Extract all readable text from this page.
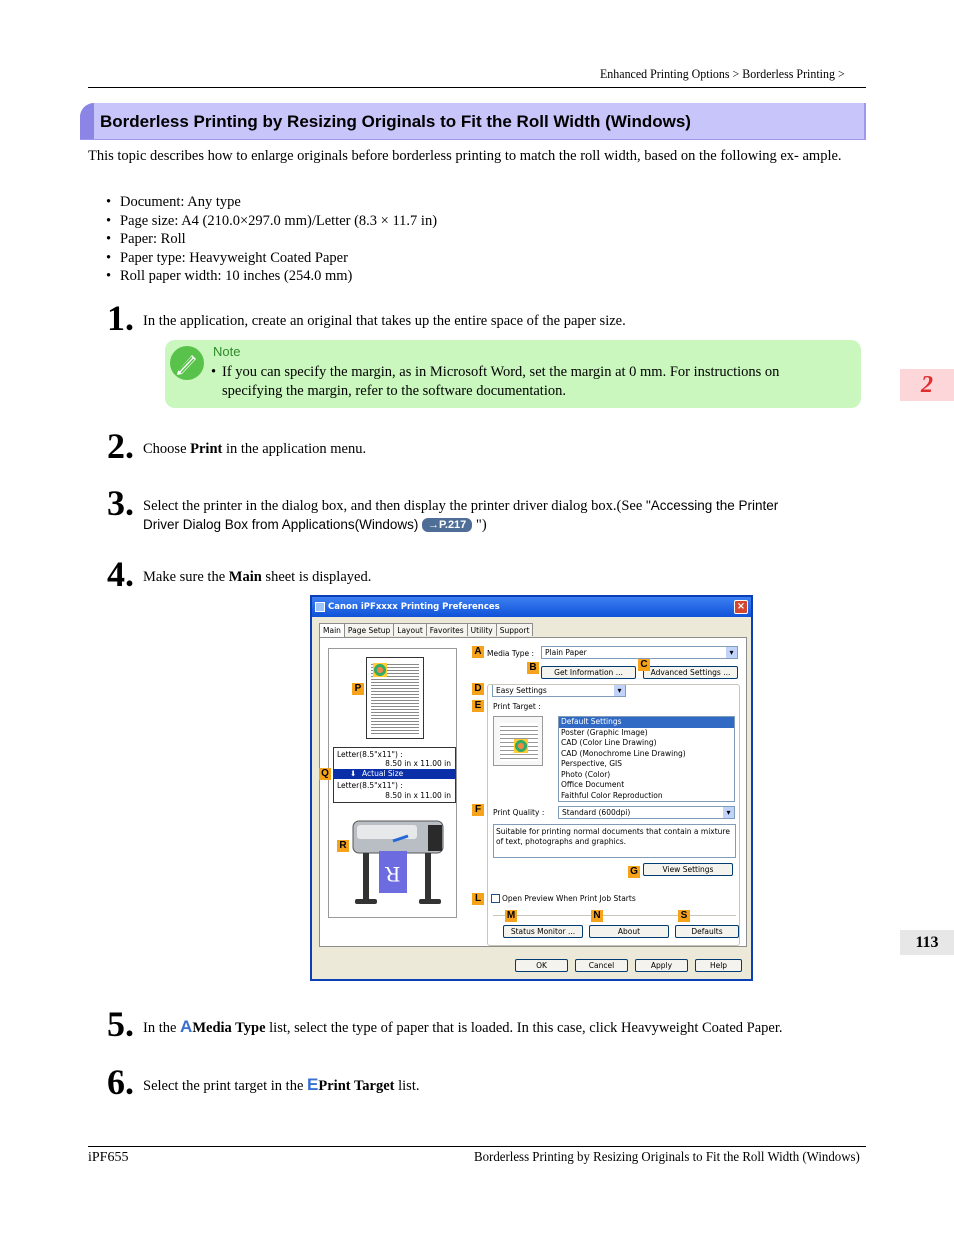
Enhanced Printing Options > Borderless Printing >
Borderless Printing by Resizing Originals to Fit the Roll Width (Windows)
This topic describes how to enlarge originals before borderless printing to match the roll width, based on the following ex- ample.
• Document: Any type
• Page size: A4 (210.0×297.0 mm)/Letter (8.3 × 11.7 in)
• Paper: Roll
• Paper type: Heavyweight Coated Paper
• Roll paper width: 10 inches (254.0 mm)
1. In the application, create an original that takes up the entire space of the paper size.
Note
• If you can specify the margin, as in Microsoft Word, set the margin at 0 mm. For instructions on
specifying the margin, refer to the software documentation.	2
113
2. Choose Print in the application menu.
3. Select the printer in the dialog box, and then display the printer driver dialog box.(See "Accessing the Printer
Driver Dialog Box from Applications(Windows) →P.217 ")
4. Make sure the Main sheet is displayed.
Canon iPFxxxx Printing Preferences	×
Main Page Setup Layout Favorites Utility Support
Letter(8.5"x11") :
8.50 in x 11.00 in
Actual Size
⬇
Letter(8.5"x11") :
8.50 in x 11.00 in
R
Media Type :	Plain Paper ▾
Get Information ...	Advanced Settings ...
Easy Settings ▾
Print Target :
Default Settings
Poster (Graphic Image)
CAD (Color Line Drawing)
CAD (Monochrome Line Drawing)
Perspective, GIS
Photo (Color)
Office Document
Faithful Color Reproduction
Print Quality :	Standard (600dpi) ▾
Suitable for printing normal documents that contain a mixture of text, photographs and graphics.
View Settings
Open Preview When Print Job Starts
Status Monitor ...	About	Defaults
A
B	C
D
E
F
G
L
M	N	S
P
Q
R
OK	Cancel	Apply	Help
5. In the AMedia Type list, select the type of paper that is loaded. In this case, click Heavyweight Coated Paper.
6. Select the print target in the EPrint Target list.
iPF655	Borderless Printing by Resizing Originals to Fit the Roll Width (Windows)
